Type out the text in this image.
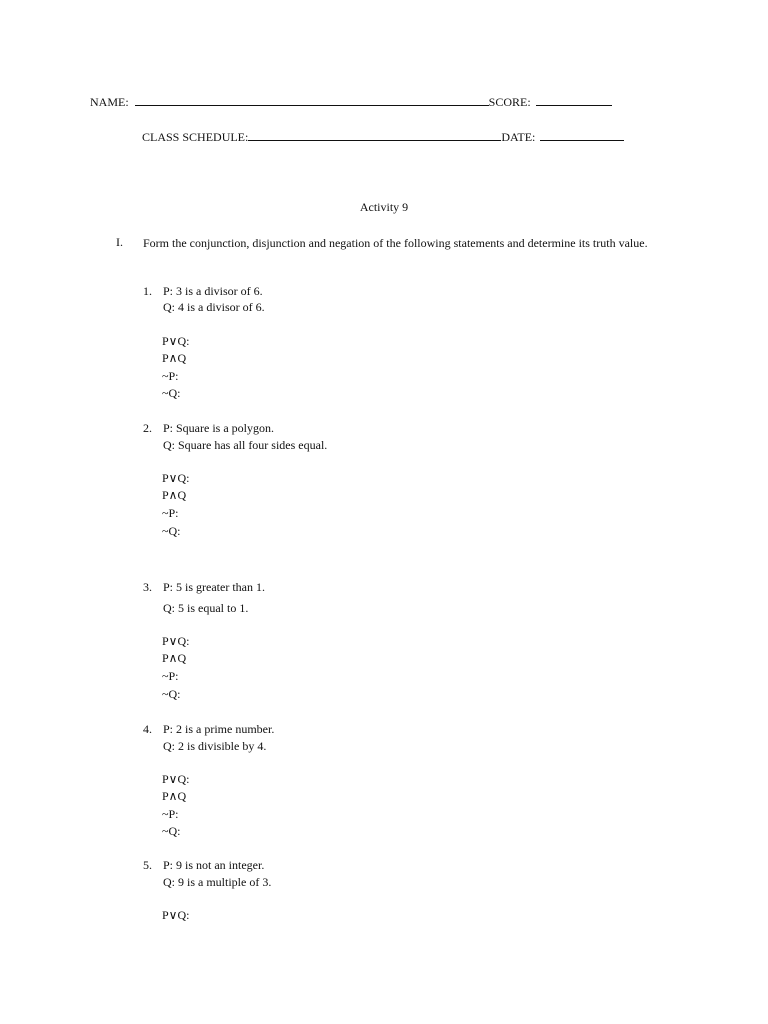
NAME:	SCORE:
CLASS SCHEDULE:	DATE:
Activity 9
I. Form the conjunction, disjunction and negation of the following statements and determine its truth value.
1. P: 3 is a divisor of 6.
Q: 4 is a divisor of 6.
P∨Q:
P∧Q
~P:
~Q:
2. P: Square is a polygon.
Q: Square has all four sides equal.
P∨Q:
P∧Q
~P:
~Q:
3. P: 5 is greater than 1.
Q: 5 is equal to 1.
P∨Q:
P∧Q
~P:
~Q:
4. P: 2 is a prime number.
Q: 2 is divisible by 4.
P∨Q:
P∧Q
~P:
~Q:
5. P: 9 is not an integer.
Q: 9 is a multiple of 3.
P∨Q:
